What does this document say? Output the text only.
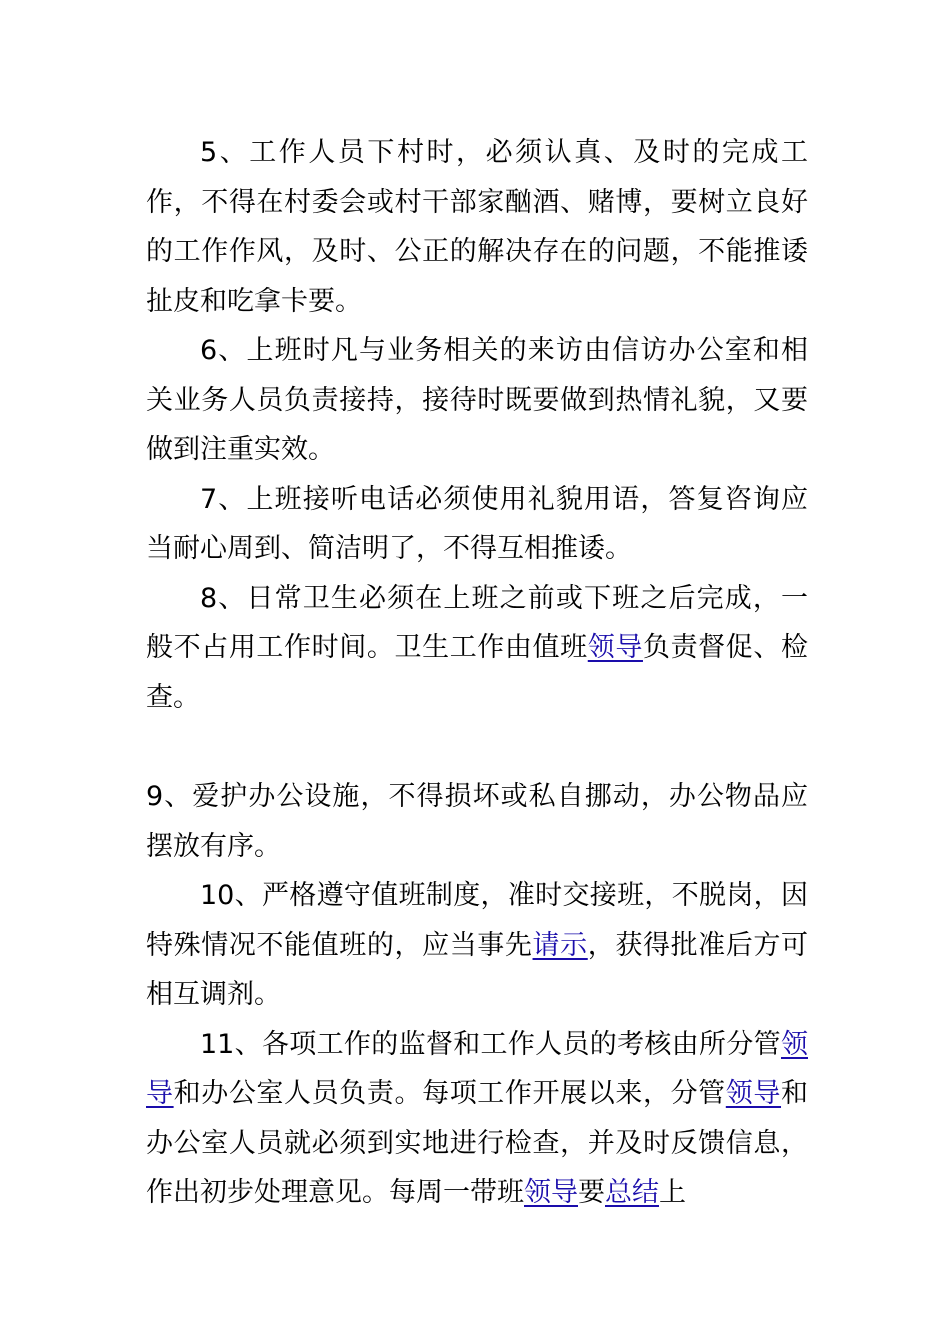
5、工作人员下村时，必须认真、及时的完成工作，不得在村委会或村干部家酗酒、赌博，要树立良好的工作作风，及时、公正的解决存在的问题，不能推诿扯皮和吃拿卡要。

6、上班时凡与业务相关的来访由信访办公室和相关业务人员负责接持，接待时既要做到热情礼貌，又要做到注重实效。

7、上班接听电话必须使用礼貌用语，答复咨询应当耐心周到、简洁明了，不得互相推诿。

8、日常卫生必须在上班之前或下班之后完成，一般不占用工作时间。卫生工作由值班领导负责督促、检查。

9、爱护办公设施，不得损坏或私自挪动，办公物品应摆放有序。

10、严格遵守值班制度，准时交接班，不脱岗，因特殊情况不能值班的，应当事先请示，获得批准后方可相互调剂。

11、各项工作的监督和工作人员的考核由所分管领导和办公室人员负责。每项工作开展以来，分管领导和办公室人员就必须到实地进行检查，并及时反馈信息，作出初步处理意见。每周一带班领导要总结上
